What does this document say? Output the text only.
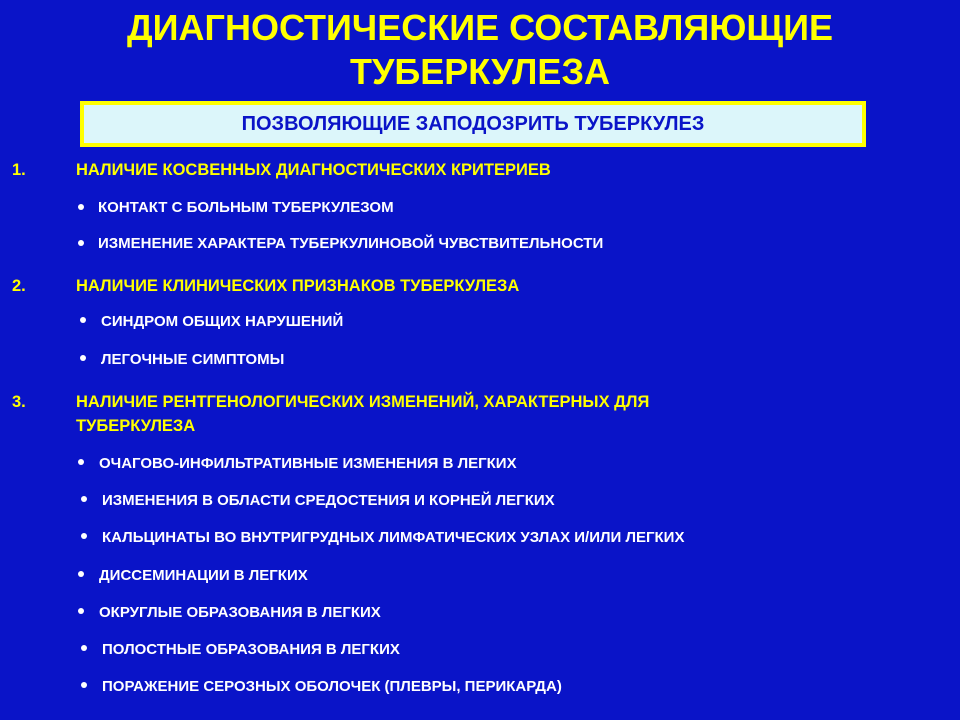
ДИАГНОСТИЧЕСКИЕ СОСТАВЛЯЮЩИЕ
ТУБЕРКУЛЕЗА
ПОЗВОЛЯЮЩИЕ ЗАПОДОЗРИТЬ ТУБЕРКУЛЕЗ
1.	НАЛИЧИЕ КОСВЕННЫХ ДИАГНОСТИЧЕСКИХ КРИТЕРИЕВ
КОНТАКТ С БОЛЬНЫМ ТУБЕРКУЛЕЗОМ
ИЗМЕНЕНИЕ ХАРАКТЕРА ТУБЕРКУЛИНОВОЙ ЧУВСТВИТЕЛЬНОСТИ
2.	НАЛИЧИЕ КЛИНИЧЕСКИХ ПРИЗНАКОВ ТУБЕРКУЛЕЗА
СИНДРОМ ОБЩИХ НАРУШЕНИЙ
ЛЕГОЧНЫЕ СИМПТОМЫ
3.	НАЛИЧИЕ РЕНТГЕНОЛОГИЧЕСКИХ ИЗМЕНЕНИЙ, ХАРАКТЕРНЫХ ДЛЯ
ТУБЕРКУЛЕЗА
ОЧАГОВО-ИНФИЛЬТРАТИВНЫЕ ИЗМЕНЕНИЯ В ЛЕГКИХ
ИЗМЕНЕНИЯ В ОБЛАСТИ СРЕДОСТЕНИЯ И КОРНЕЙ ЛЕГКИХ
КАЛЬЦИНАТЫ ВО ВНУТРИГРУДНЫХ ЛИМФАТИЧЕСКИХ УЗЛАХ И/ИЛИ ЛЕГКИХ
ДИССЕМИНАЦИИ В ЛЕГКИХ
ОКРУГЛЫЕ ОБРАЗОВАНИЯ В ЛЕГКИХ
ПОЛОСТНЫЕ ОБРАЗОВАНИЯ В ЛЕГКИХ
ПОРАЖЕНИЕ СЕРОЗНЫХ ОБОЛОЧЕК (ПЛЕВРЫ, ПЕРИКАРДА)
